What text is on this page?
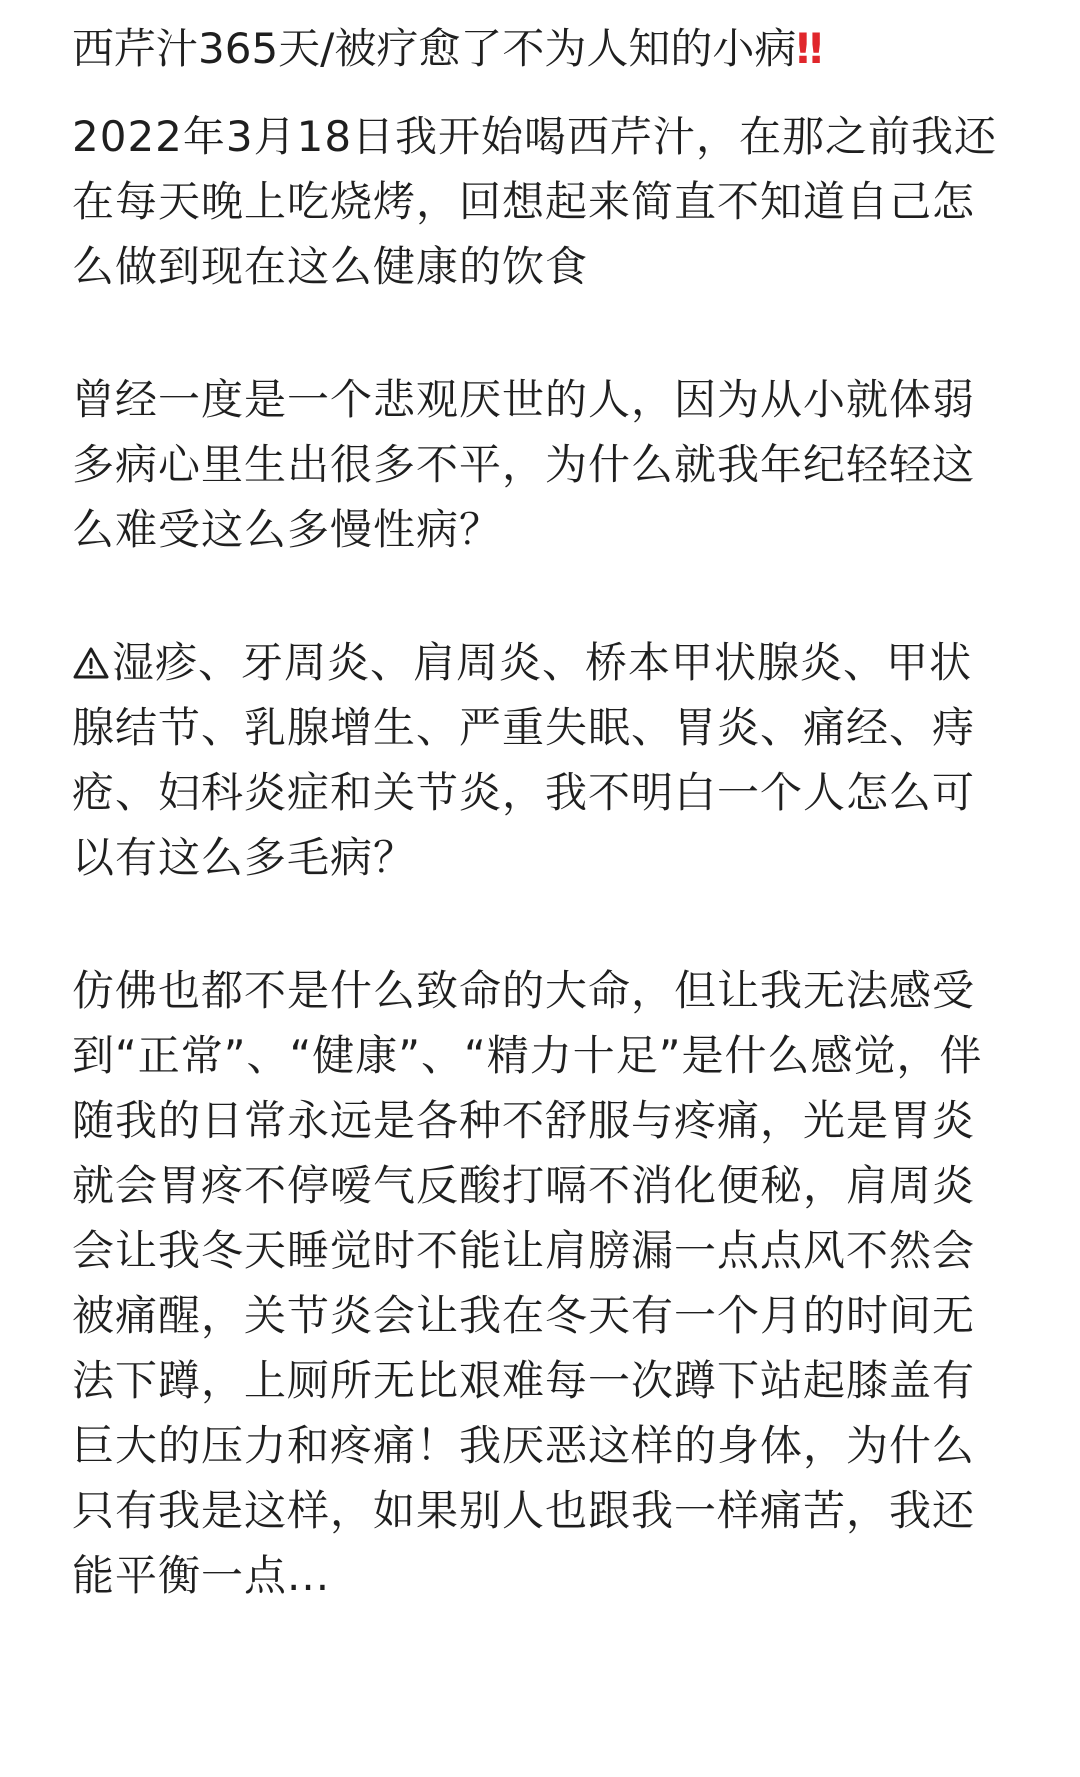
西芹汁365天/被疗愈了不为人知的小病‼

2022年3月18日我开始喝西芹汁，在那之前我还在每天晚上吃烧烤，回想起来简直不知道自己怎么做到现在这么健康的饮食

曾经一度是一个悲观厌世的人，因为从小就体弱多病心里生出很多不平，为什么就我年纪轻轻这么难受这么多慢性病？

湿疹、牙周炎、肩周炎、桥本甲状腺炎、甲状腺结节、乳腺增生、严重失眠、胃炎、痛经、痔疮、妇科炎症和关节炎，我不明白一个人怎么可以有这么多毛病？

仿佛也都不是什么致命的大命，但让我无法感受到“正常”、“健康”、“精力十足”是什么感觉，伴随我的日常永远是各种不舒服与疼痛，光是胃炎就会胃疼不停嗳气反酸打嗝不消化便秘，肩周炎会让我冬天睡觉时不能让肩膀漏一点点风不然会被痛醒，关节炎会让我在冬天有一个月的时间无法下蹲，上厕所无比艰难每一次蹲下站起膝盖有巨大的压力和疼痛！我厌恶这样的身体，为什么只有我是这样，如果别人也跟我一样痛苦，我还能平衡一点...
